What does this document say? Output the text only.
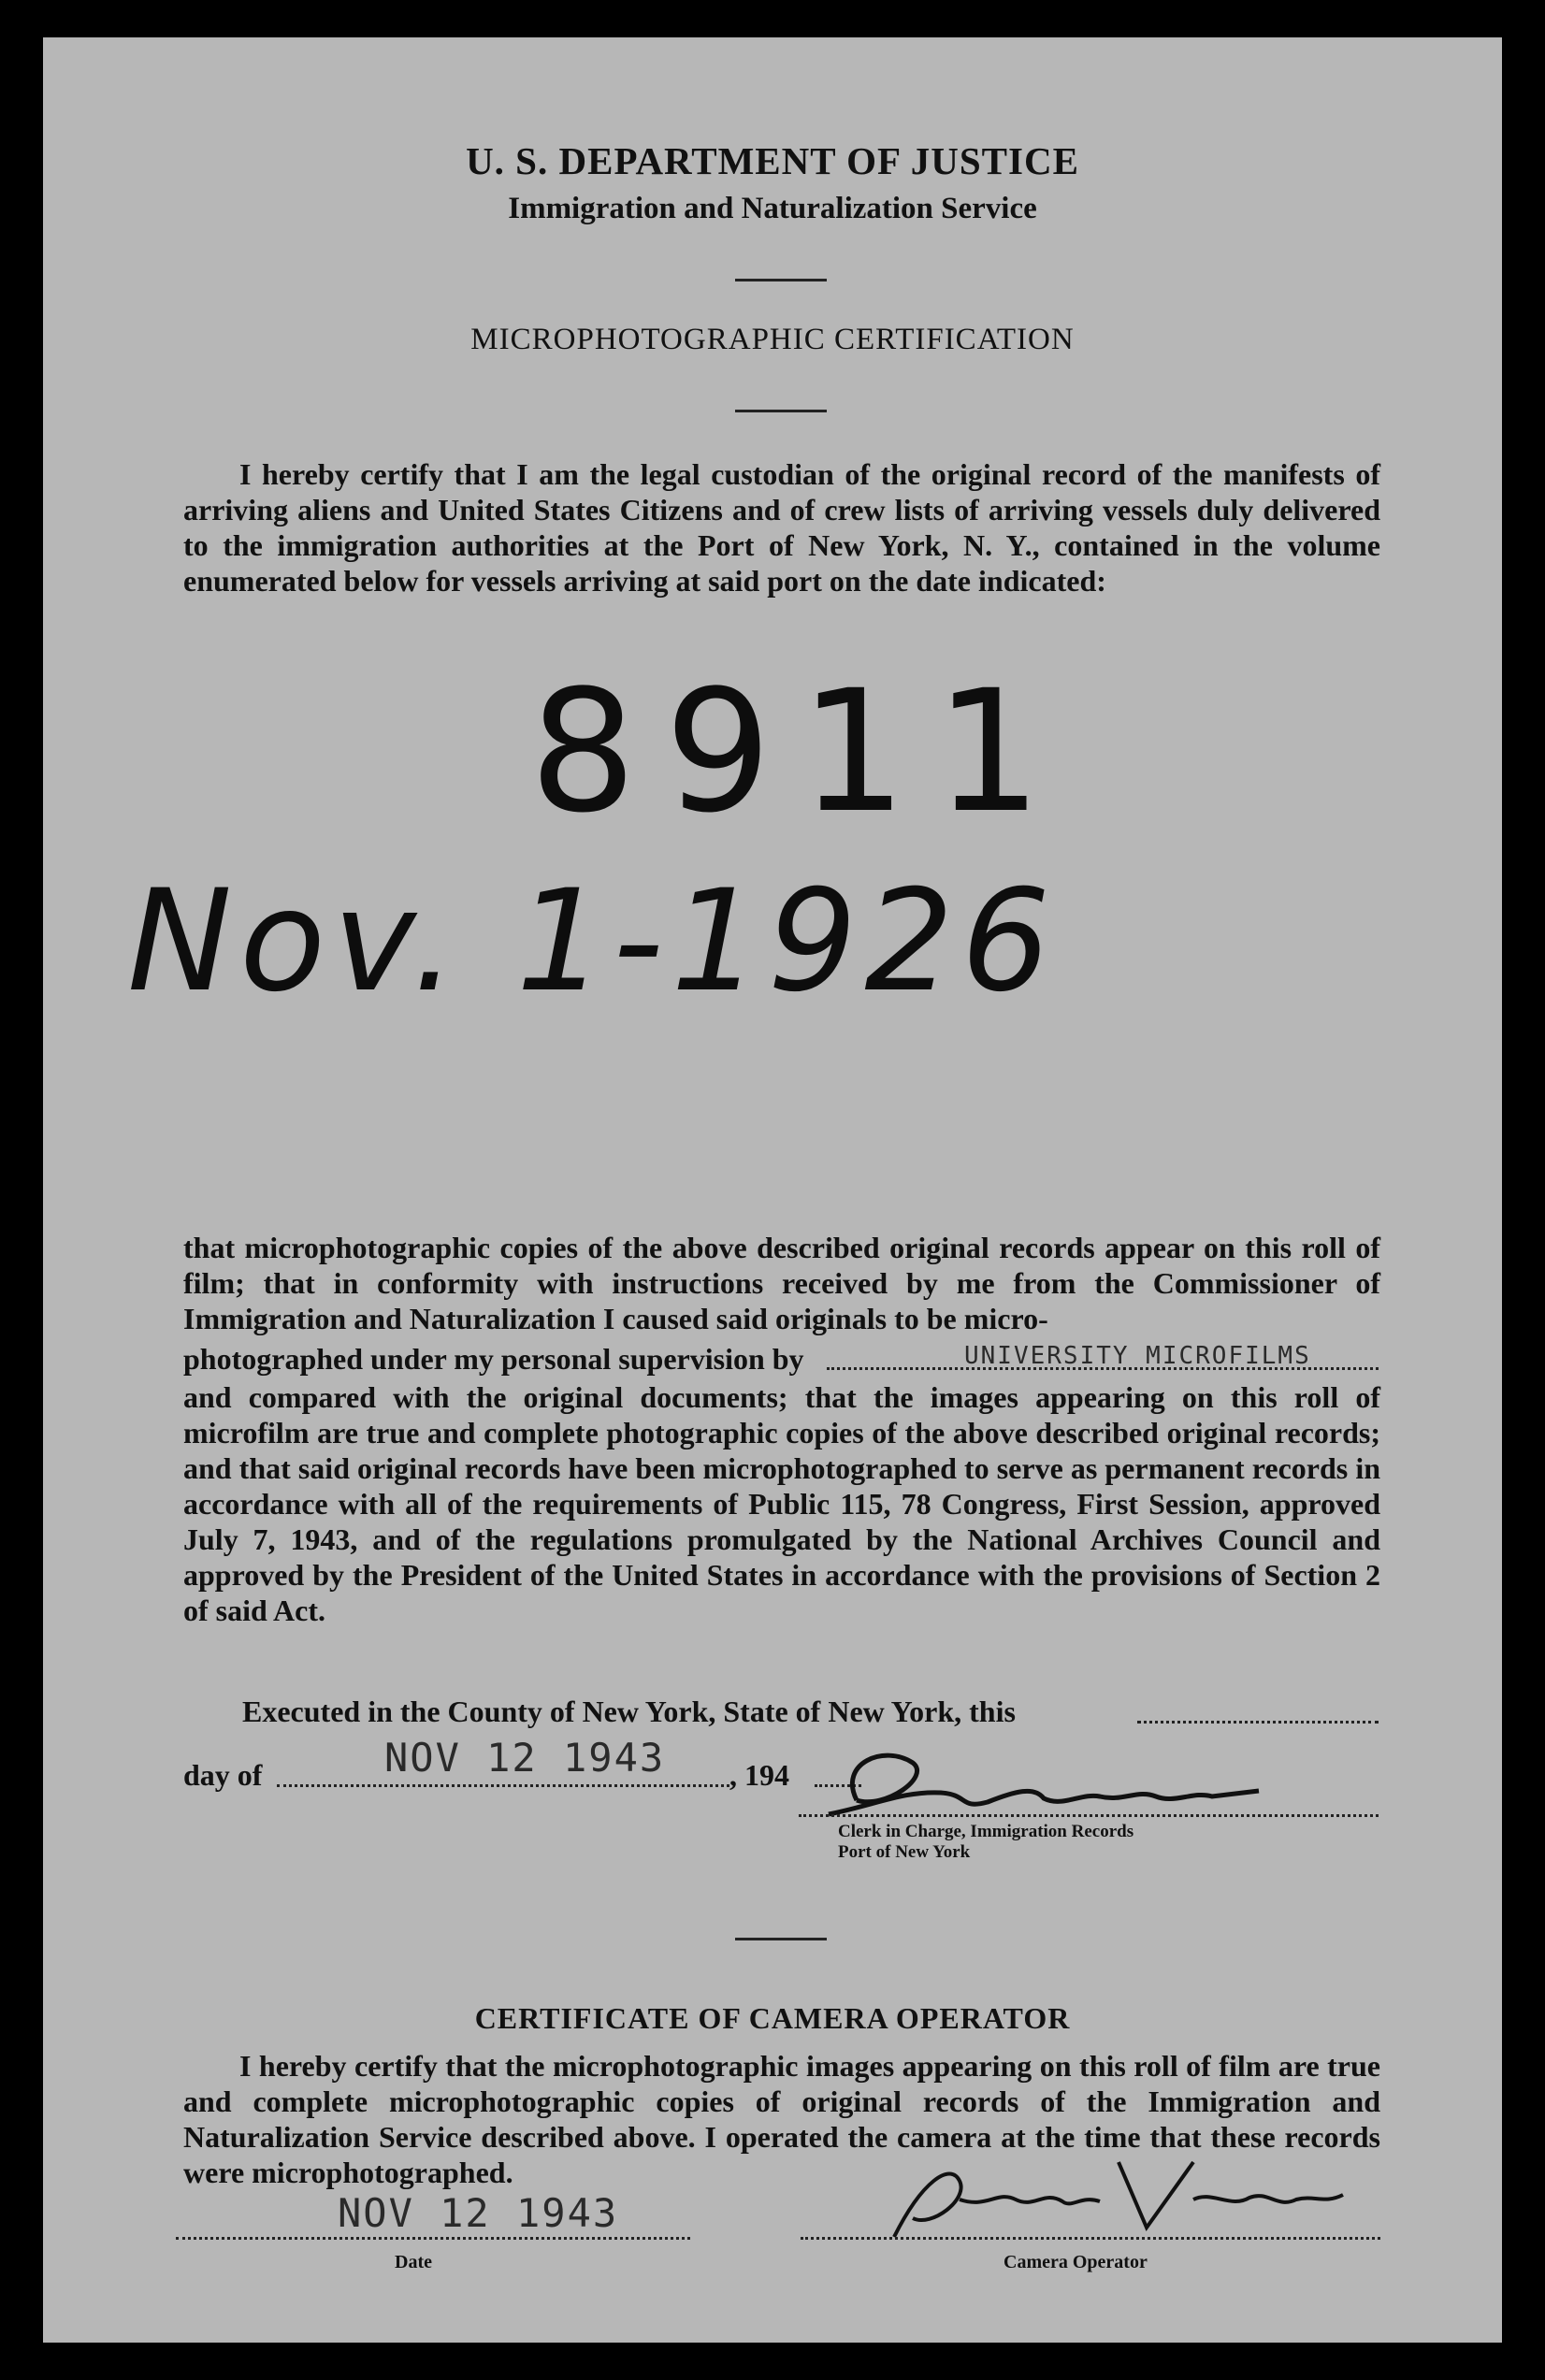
U. S. DEPARTMENT OF JUSTICE
Immigration and Naturalization Service
MICROPHOTOGRAPHIC CERTIFICATION
I hereby certify that I am the legal custodian of the original record of the manifests of arriving aliens and United States Citizens and of crew lists of arriving vessels duly delivered to the immigration authorities at the Port of New York, N. Y., contained in the volume enumerated below for vessels arriving at said port on the date indicated:
8911
Nov. 1-1926
that microphotographic copies of the above described original records appear on this roll of film; that in conformity with instructions received by me from the Commissioner of Immigration and Naturalization I caused said originals to be micro-
photographed under my personal supervision by	UNIVERSITY MICROFILMS
and compared with the original documents; that the images appearing on this roll of microfilm are true and complete photographic copies of the above described original records; and that said original records have been microphotographed to serve as permanent records in accordance with all of the requirements of Public 115, 78 Congress, First Session, approved July 7, 1943, and of the regulations promulgated by the National Archives Council and approved by the President of the United States in accordance with the provisions of Section 2 of said Act.
Executed in the County of New York, State of New York, this
day of	NOV 12 1943 , 194
Clerk in Charge, Immigration Records
Port of New York
CERTIFICATE OF CAMERA OPERATOR
I hereby certify that the microphotographic images appearing on this roll of film are true and complete microphotographic copies of original records of the Immigration and Naturalization Service described above. I operated the camera at the time that these records were microphotographed.
NOV 12 1943
Date	Camera Operator
